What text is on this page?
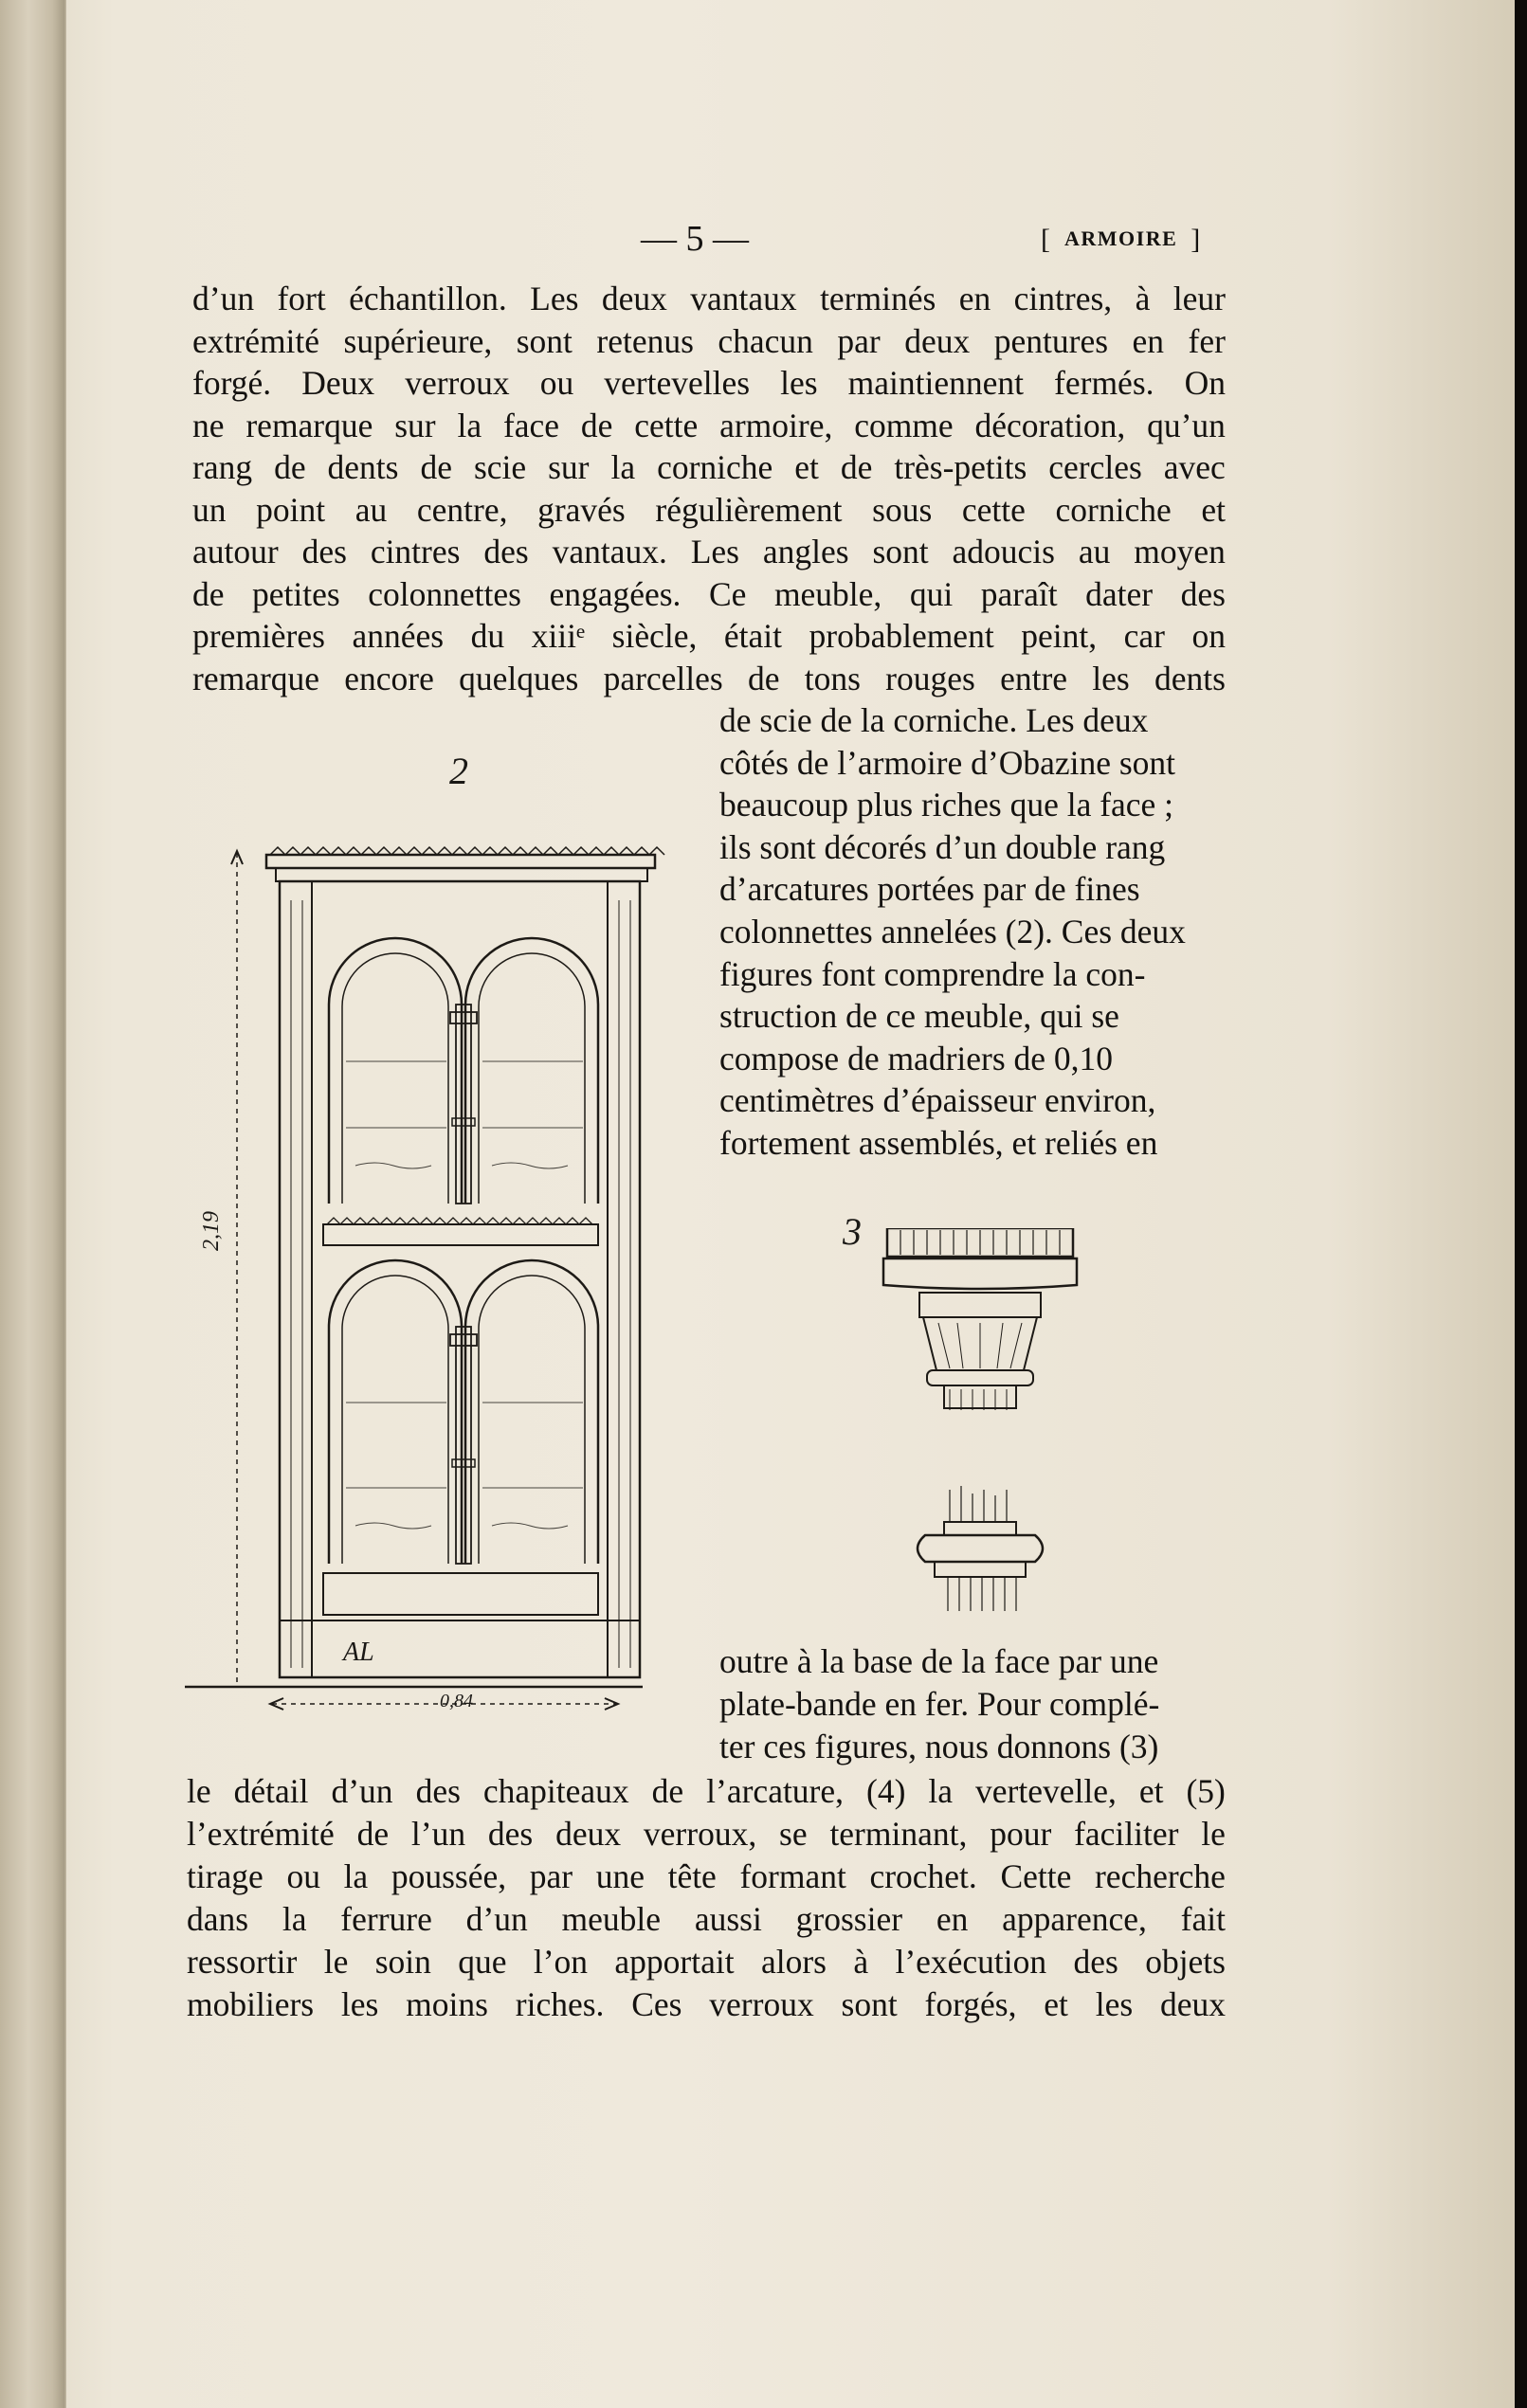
— 5 —	[ ARMOIRE ]
d’un fort échantillon. Les deux vantaux terminés en cintres, à leur
extrémité supérieure, sont retenus chacun par deux pentures en fer
forgé. Deux verroux ou vertevelles les maintiennent fermés. On
ne remarque sur la face de cette armoire, comme décoration, qu’un
rang de dents de scie sur la corniche et de très-petits cercles avec
un point au centre, gravés régulièrement sous cette corniche et
autour des cintres des vantaux. Les angles sont adoucis au moyen
de petites colonnettes engagées. Ce meuble, qui paraît dater des
premières années du xiiiᵉ siècle, était probablement peint, car on
remarque encore quelques parcelles de tons rouges entre les dents
de scie de la corniche. Les deux
côtés de l’armoire d’Obazine sont
beaucoup plus riches que la face ;
ils sont décorés d’un double rang
d’arcatures portées par de fines
colonnettes annelées (2). Ces deux
figures font comprendre la con-
struction de ce meuble, qui se
compose de madriers de 0,10
centimètres d’épaisseur environ,
fortement assemblés, et reliés en
outre à la base de la face par une
plate-bande en fer. Pour complé-
ter ces figures, nous donnons (3)
le détail d’un des chapiteaux de l’arcature, (4) la vertevelle, et (5)
l’extrémité de l’un des deux verroux, se terminant, pour faciliter le
tirage ou la poussée, par une tête formant crochet. Cette recherche
dans la ferrure d’un meuble aussi grossier en apparence, fait
ressortir le soin que l’on apportait alors à l’exécution des objets
mobiliers les moins riches. Ces verroux sont forgés, et les deux
2
2,19
0,84
AL
3
